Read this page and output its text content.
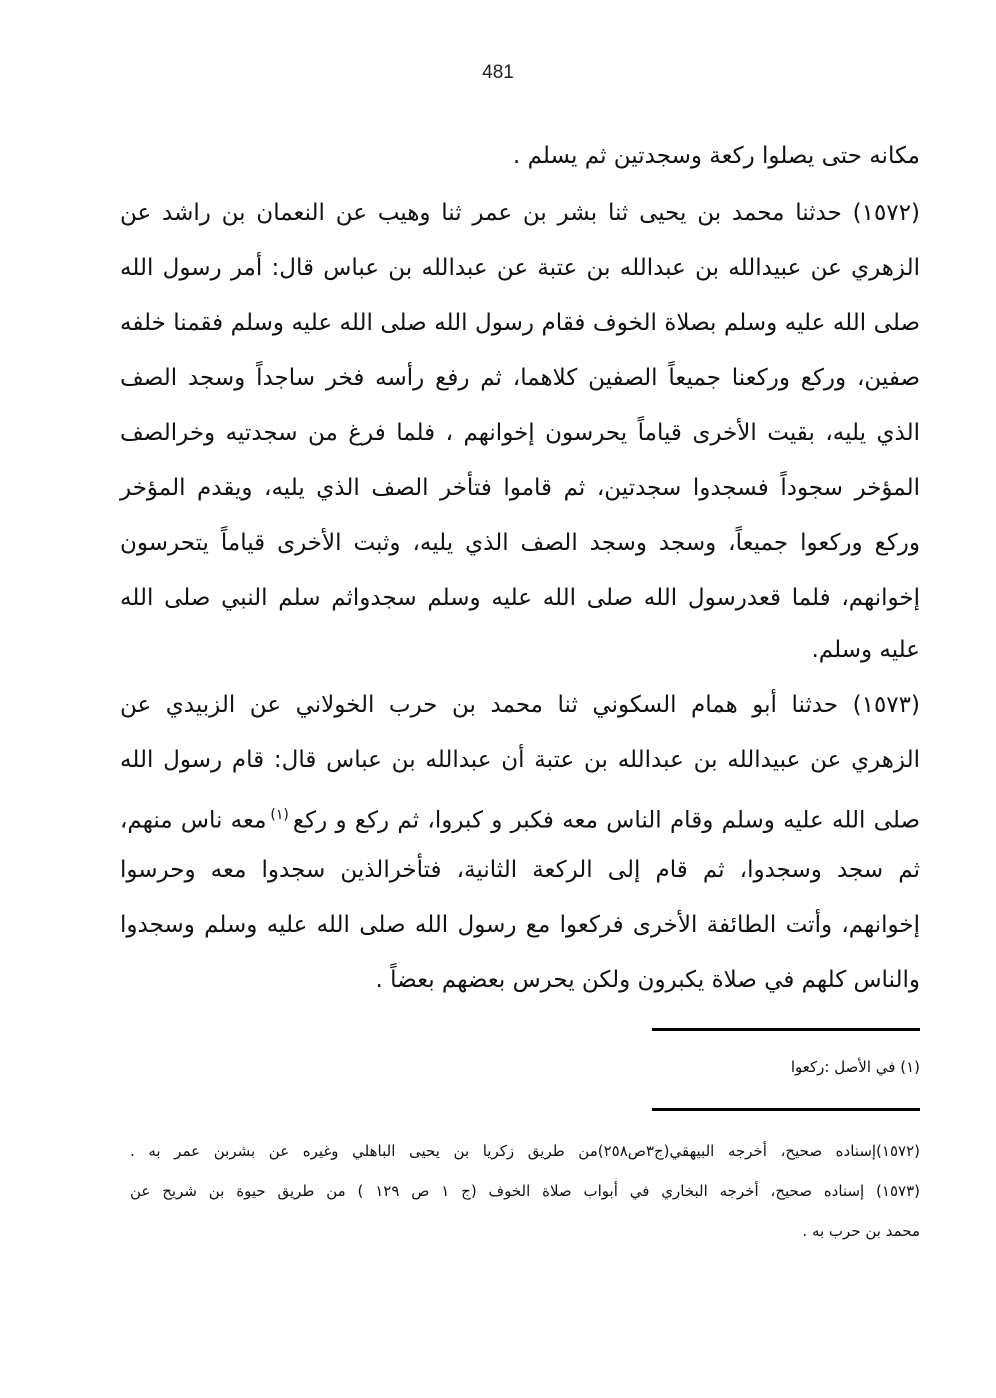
481
مكانه حتى يصلوا ركعة وسجدتين ثم يسلم .
(١٥٧٢) حدثنا محمد بن يحيى ثنا بشر بن عمر ثنا وهيب عن النعمان بن راشد عن
الزهري عن عبيدالله بن عبدالله بن عتبة عن عبدالله بن عباس قال: أمر رسول الله
صلى الله عليه وسلم بصلاة الخوف فقام رسول الله صلى الله عليه وسلم فقمنا خلفه
صفين، وركع وركعنا جميعاً الصفين كلاهما، ثم رفع رأسه فخر ساجداً وسجد الصف
الذي يليه، بقيت الأخرى قياماً يحرسون إخوانهم ، فلما فرغ من سجدتيه وخرالصف
المؤخر سجوداً فسجدوا سجدتين، ثم قاموا فتأخر الصف الذي يليه، ويقدم المؤخر
وركع وركعوا جميعاً، وسجد وسجد الصف الذي يليه، وثبت الأخرى قياماً يتحرسون
إخوانهم، فلما قعدرسول الله صلى الله عليه وسلم سجدواثم سلم النبي صلى الله
عليه وسلم.
(١٥٧٣) حدثنا أبو همام السكوني ثنا محمد بن حرب الخولاني عن الزبيدي عن
الزهري عن عبيدالله بن عبدالله بن عتبة أن عبدالله بن عباس قال: قام رسول الله
صلى الله عليه وسلم وقام الناس معه فكبر و كبروا، ثم ركع و ركع$^{(١)}$معه ناس منهم،
ثم سجد وسجدوا، ثم قام إلى الركعة الثانية، فتأخرالذين سجدوا معه وحرسوا
إخوانهم، وأتت الطائفة الأخرى فركعوا مع رسول الله صلى الله عليه وسلم وسجدوا
والناس كلهم في صلاة يكبرون ولكن يحرس بعضهم بعضاً .
(١) في الأصل :ركعوا
(١٥٧٢)إسناده صحيح، أخرجه البيهقي(ج٣ص٢٥٨)من طريق زكريا بن يحيى الباهلي وغيره عن بشربن عمر به .
(١٥٧٣) إسناده صحيح، أخرجه البخاري في أبواب صلاة الخوف (ج ١ ص ١٢٩ ) من طريق حيوة بن شريح عن
محمد بن حرب به .
